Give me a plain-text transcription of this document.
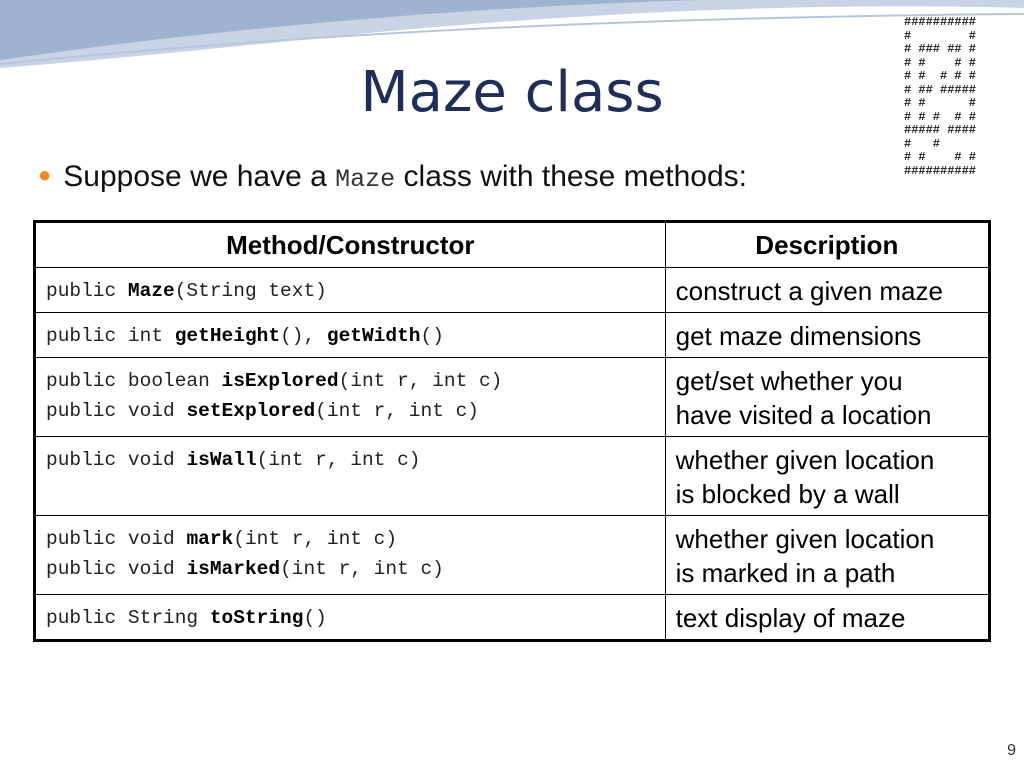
Maze class
##########
#        #
# ### ## #
# #    # #
# #  # # #
# ## #####
# #      #
# # #  # #
##### ####
#   #
# #    # #
##########
● Suppose we have a Maze class with these methods:
Method/Constructor	Description

public Maze(String text)	construct a given maze

public int getHeight(), getWidth()	get maze dimensions

public boolean isExplored(int r, int c)
public void setExplored(int r, int c)	get/set whether you
have visited a location

public void isWall(int r, int c)	whether given location
is blocked by a wall

public void mark(int r, int c)
public void isMarked(int r, int c)	whether given location
is marked in a path

public String toString()	text display of maze
9
